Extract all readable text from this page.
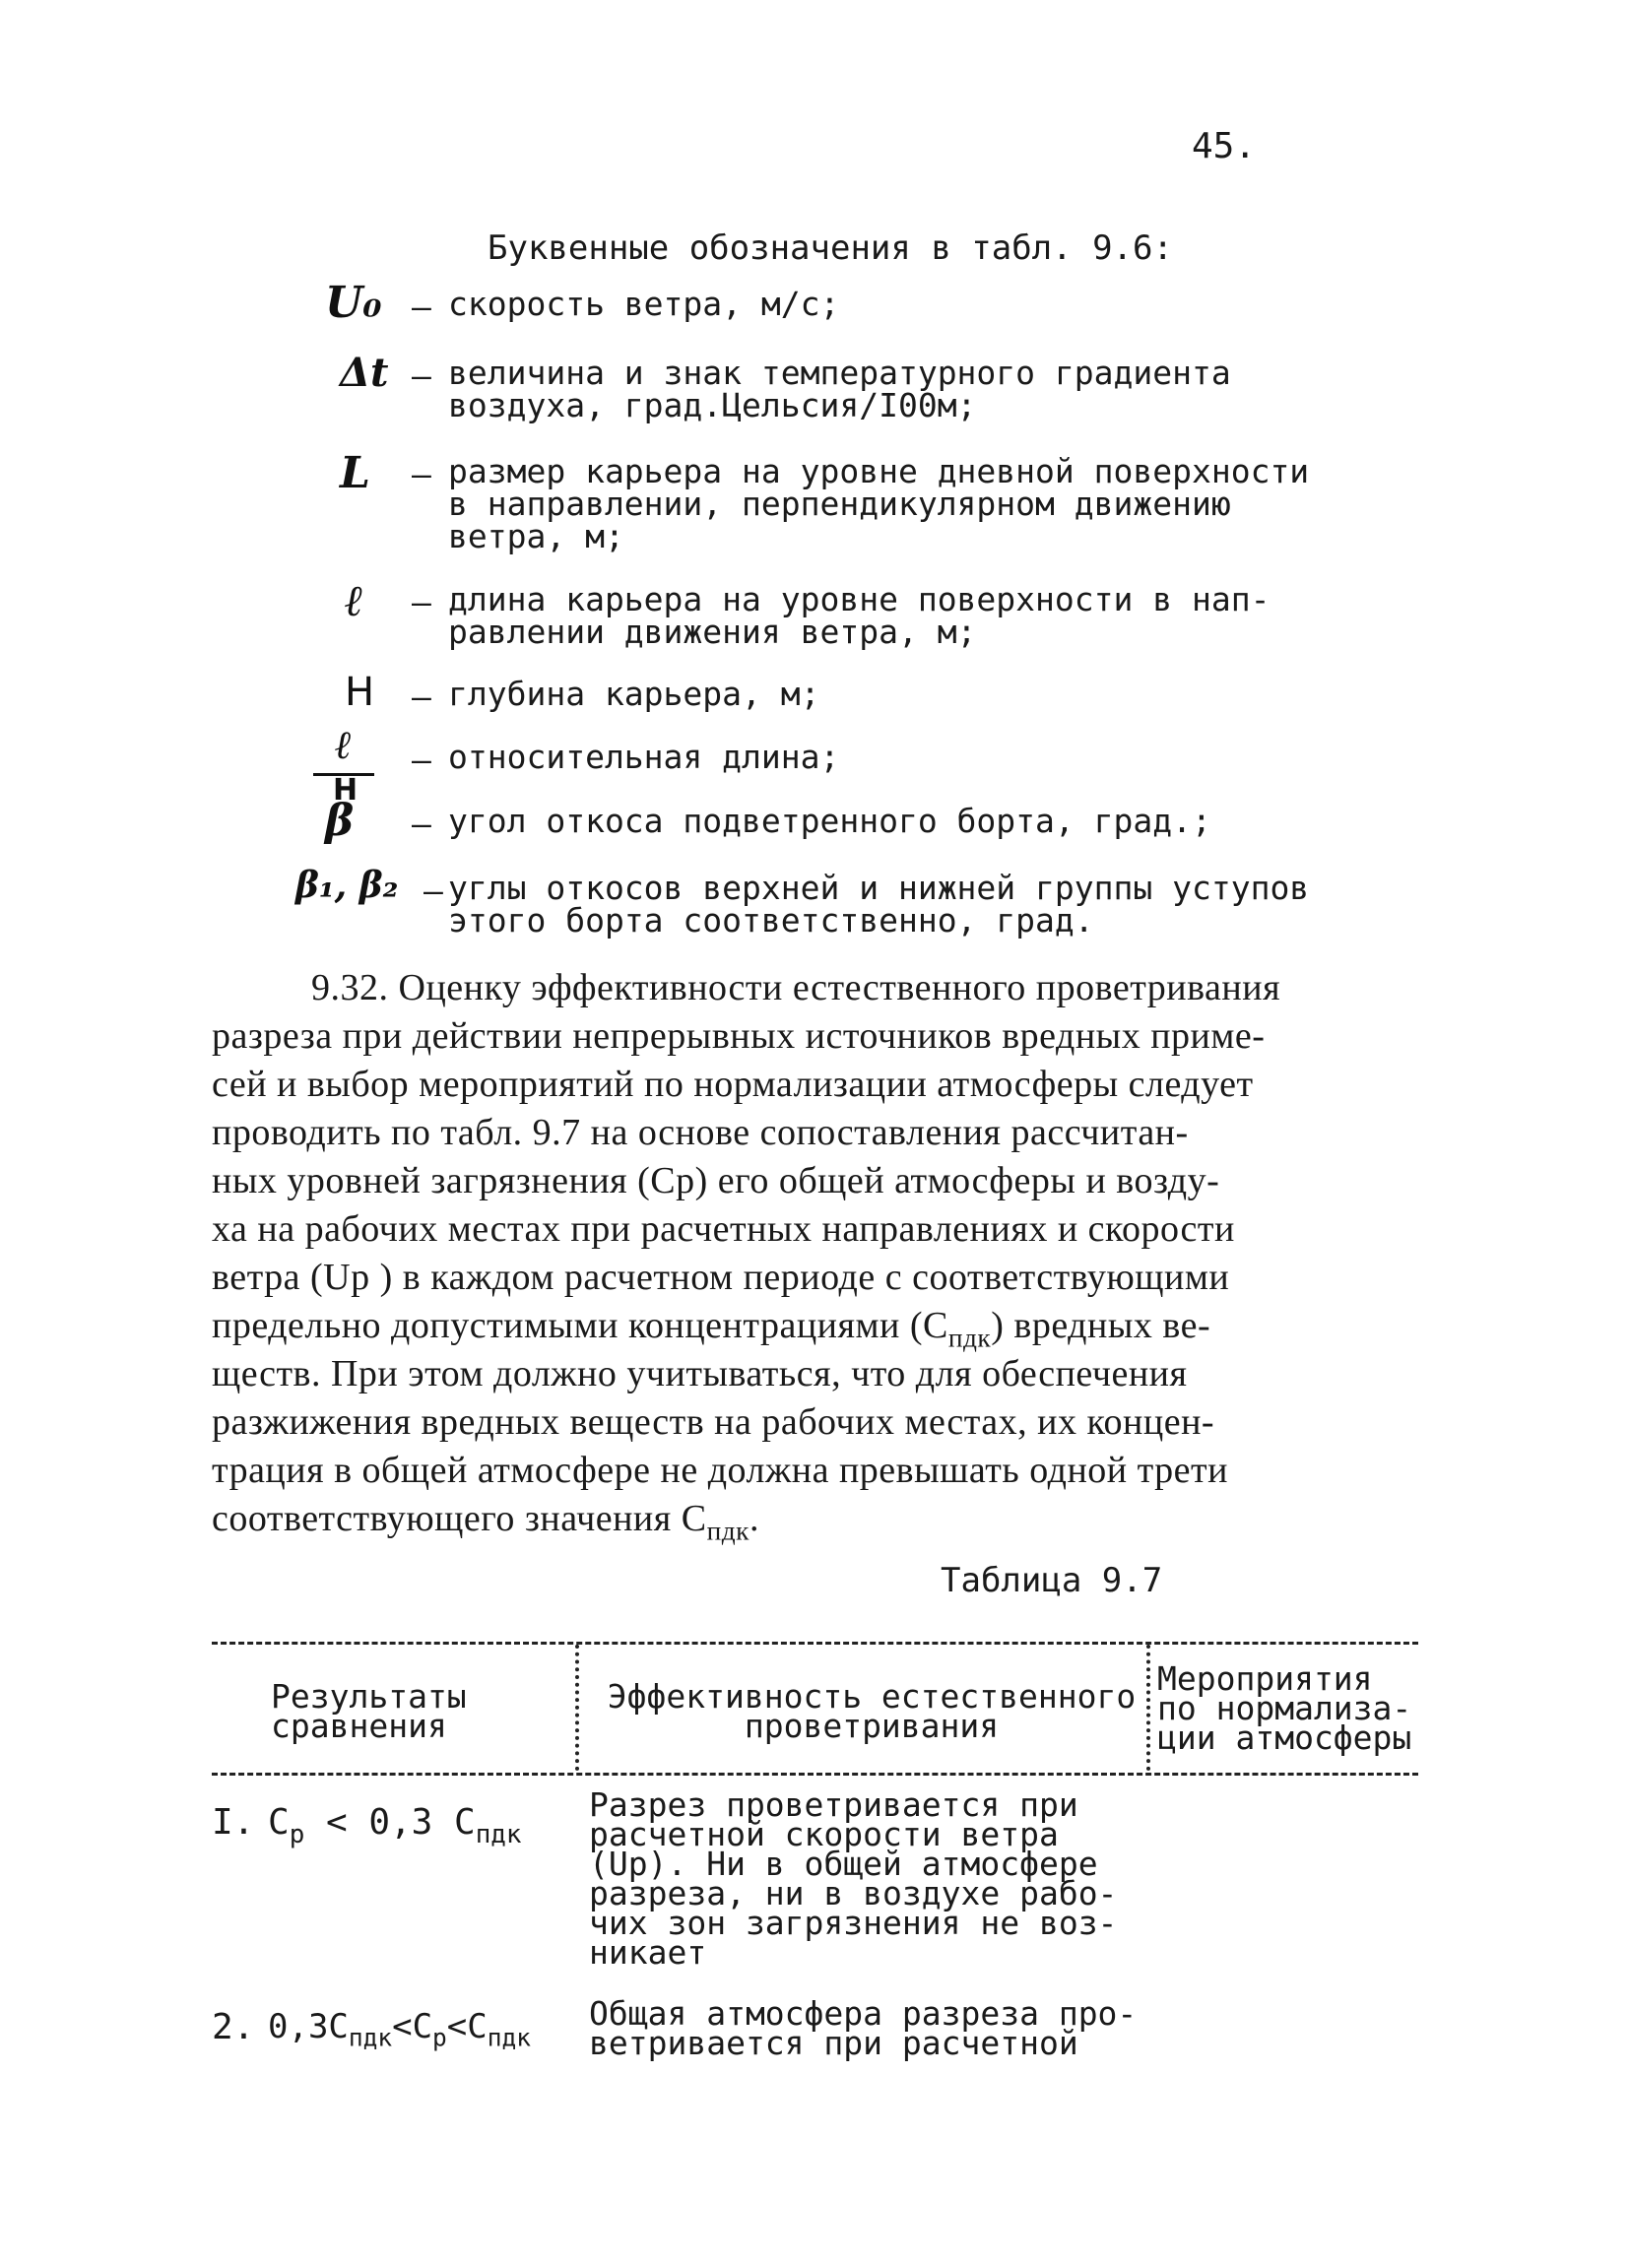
45.
Буквенные обозначения в табл. 9.6:
U₀ – скорость ветра, м/с;
Δt – величина и знак температурного градиента
воздуха, град.Цельсия/I00м;
L – размер карьера на уровне дневной поверхности
в направлении, перпендикулярном движению
ветра, м;
ℓ – длина карьера на уровне поверхности в нап-
равлении движения ветра, м;
H – глубина карьера, м;
ℓ
H
– относительная длина;
β – угол откоса подветренного борта, град.;
β₁, β₂ – углы откосов верхней и нижней группы уступов
этого борта соответственно, град.
9.32. Оценку эффективности естественного проветривания
разреза при действии непрерывных источников вредных приме-
сей и выбор мероприятий по нормализации атмосферы следует
проводить по табл. 9.7 на основе сопоставления рассчитан-
ных уровней загрязнения (Ср) его общей атмосферы и возду-
ха на рабочих местах при расчетных направлениях и скорости
ветра (Uр ) в каждом расчетном периоде с соответствующими
предельно допустимыми концентрациями $(С_{пдк})$ вредных ве-
ществ. При этом должно учитываться, что для обеспечения
разжижения вредных веществ на рабочих местах, их концен-
трация в общей атмосфере не должна превышать одной трети
соответствующего значения $С_{пдк}$.
Таблица 9.7
Результаты
сравнения
Эффективность естественного
проветривания
Мероприятия
по нормализа-
ции атмосферы
I. $C_р < 0,3$ $C_{пдк}$
Разрез проветривается при
расчетной скорости ветра
(Uр). Ни в общей атмосфере
разреза, ни в воздухе рабо-
чих зон загрязнения не воз-
никает
2. $0,3C_{пдк}<C_р<C_{пдк}$
Общая атмосфера разреза про-
ветривается при расчетной
